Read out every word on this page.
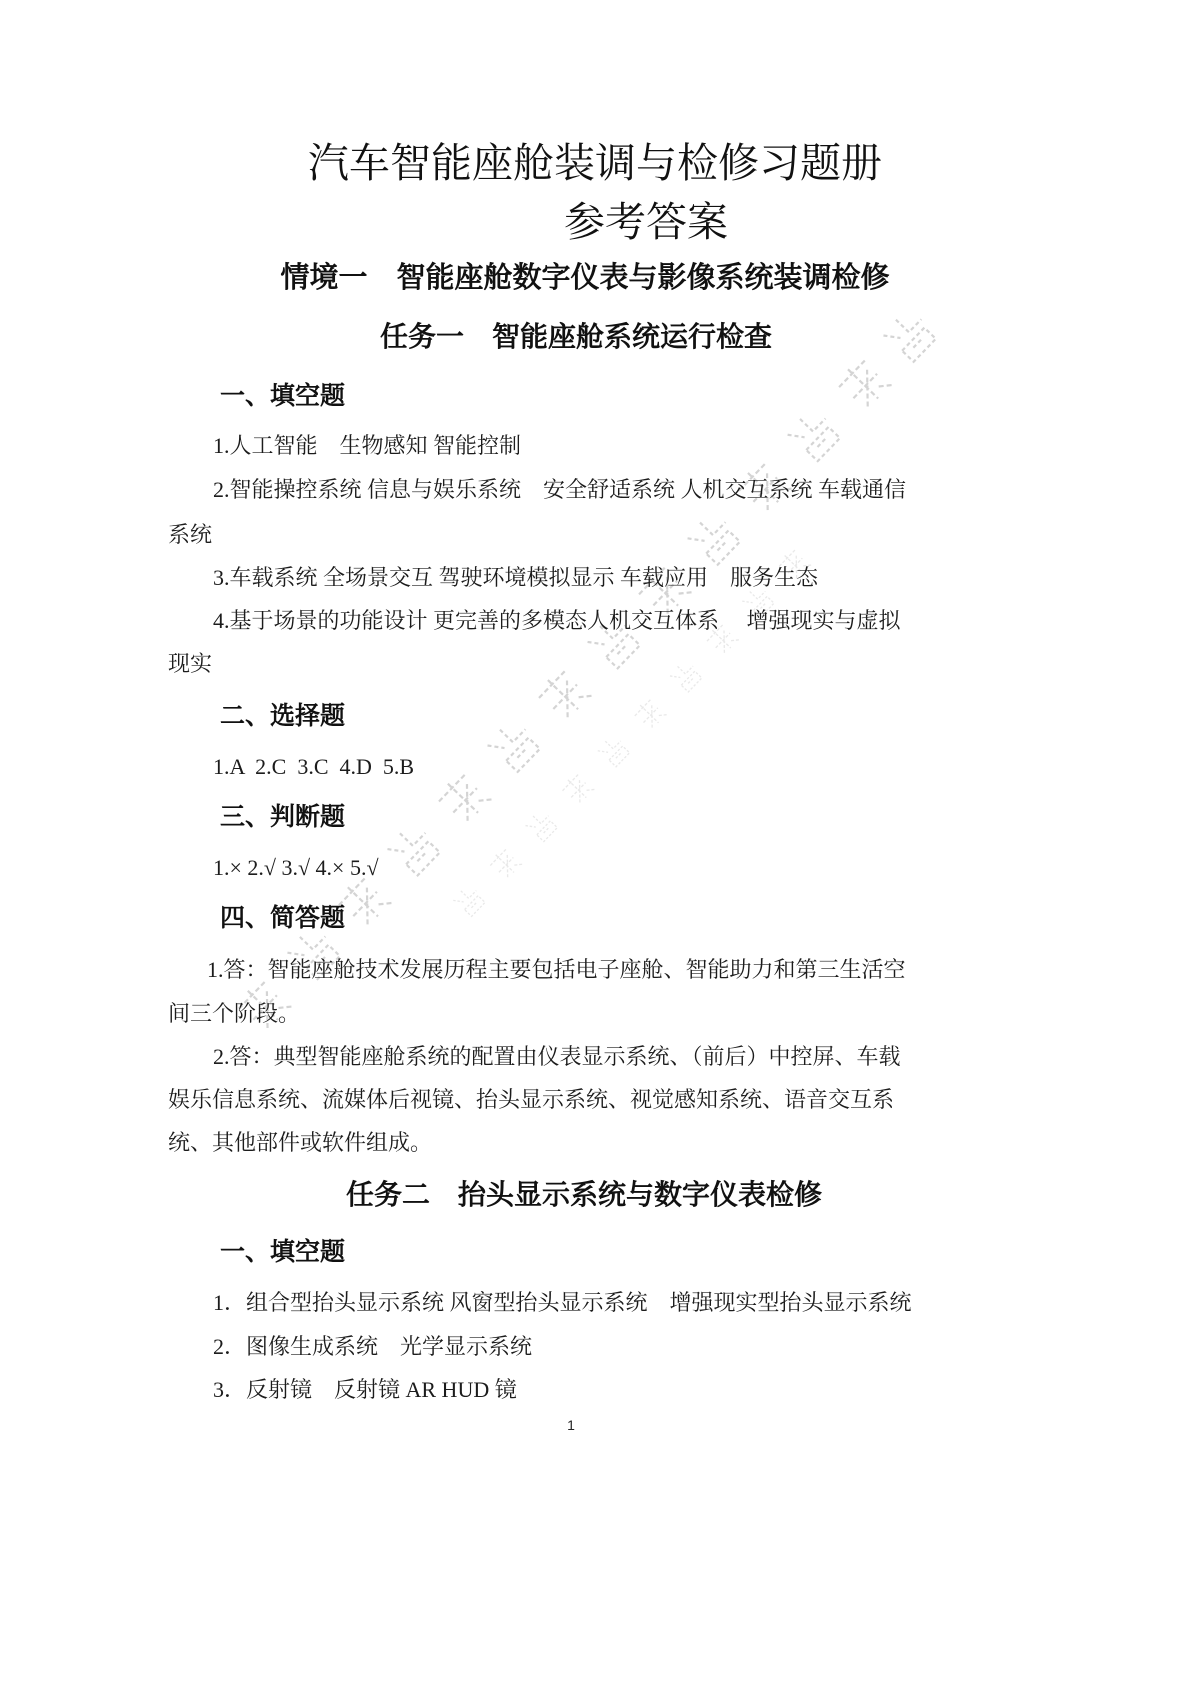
汽车智能座舱装调与检修习题册
参考答案
情境一　智能座舱数字仪表与影像系统装调检修
任务一　智能座舱系统运行检查
一、填空题
1.人工智能　生物感知 智能控制
2.智能操控系统 信息与娱乐系统　安全舒适系统 人机交互系统 车载通信
系统
3.车载系统 全场景交互 驾驶环境模拟显示 车载应用　服务生态
4.基于场景的功能设计 更完善的多模态人机交互体系　 增强现实与虚拟
现实
二、选择题
1.A  2.C  3.C  4.D  5.B
三、判断题
1.× 2.√ 3.√ 4.× 5.√
四、简答题
1.答：智能座舱技术发展历程主要包括电子座舱、智能助力和第三生活空
间三个阶段。
2.答：典型智能座舱系统的配置由仪表显示系统、（前后）中控屏、车载
娱乐信息系统、流媒体后视镜、抬头显示系统、视觉感知系统、语音交互系
统、其他部件或软件组成。
任务二　抬头显示系统与数字仪表检修
一、填空题
1．组合型抬头显示系统 风窗型抬头显示系统　增强现实型抬头显示系统
2．图像生成系统　光学显示系统
3．反射镜　反射镜 AR HUD 镜
1
